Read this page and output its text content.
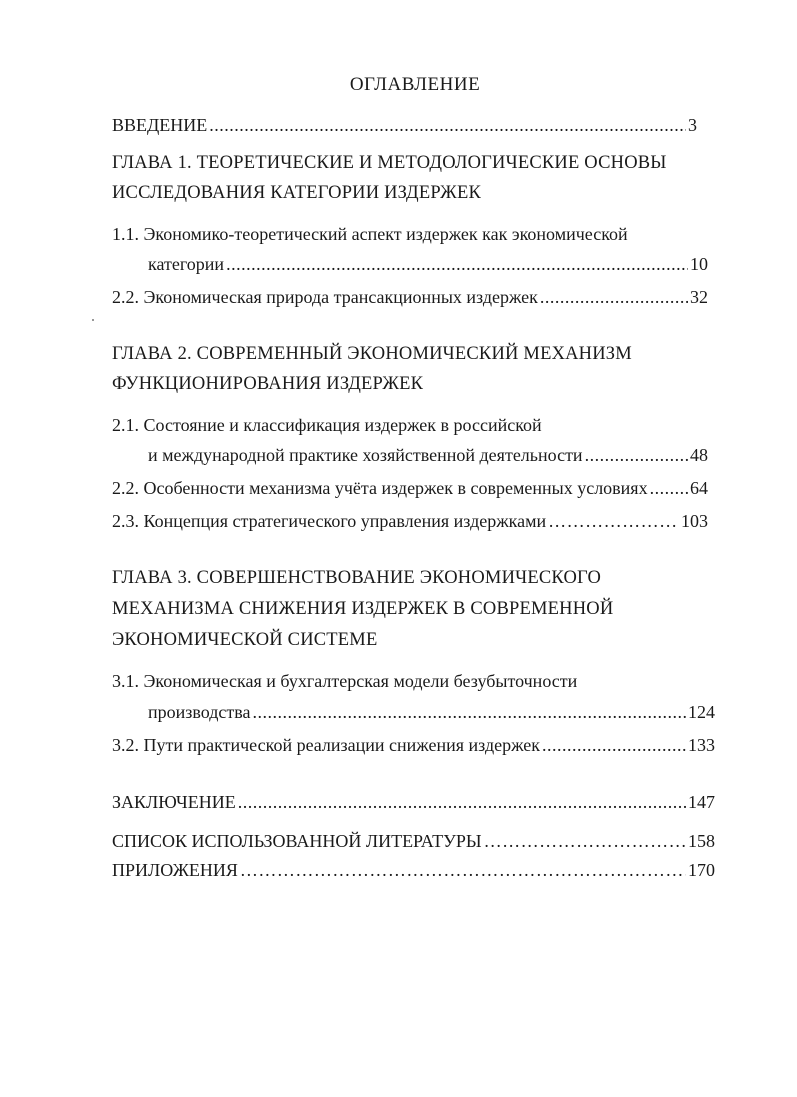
ОГЛАВЛЕНИЕ
ВВЕДЕНИЕ .....	3
ГЛАВА 1. ТЕОРЕТИЧЕСКИЕ И МЕТОДОЛОГИЧЕСКИЕ ОСНОВЫ
ИССЛЕДОВАНИЯ КАТЕГОРИИ ИЗДЕРЖЕК
1.1. Экономико-теоретический аспект издержек как экономической
категории .....	10
2.2. Экономическая природа трансакционных издержек .....	32
ГЛАВА 2. СОВРЕМЕННЫЙ ЭКОНОМИЧЕСКИЙ МЕХАНИЗМ
ФУНКЦИОНИРОВАНИЯ ИЗДЕРЖЕК
2.1. Состояние и классификация издержек в российской
и международной практике хозяйственной деятельности .....	48
2.2. Особенности механизма учёта издержек в современных условиях ..... 64
2.3. Концепция стратегического управления издержками ……………………………………………………………………………………………………………………………………………………………………………………………………………………	103
ГЛАВА 3. СОВЕРШЕНСТВОВАНИЕ ЭКОНОМИЧЕСКОГО
МЕХАНИЗМА СНИЖЕНИЯ ИЗДЕРЖЕК В СОВРЕМЕННОЙ
ЭКОНОМИЧЕСКОЙ СИСТЕМЕ
3.1. Экономическая и бухгалтерская модели безубыточности
производства .....	124
3.2. Пути практической реализации снижения издержек .....	133
ЗАКЛЮЧЕНИЕ .....	147
СПИСОК ИСПОЛЬЗОВАННОЙ ЛИТЕРАТУРЫ ……………………………………………………………………………………………………………………………………………………………………………………………………………………	158
ПРИЛОЖЕНИЯ ……………………………………………………………………………………………………………………………………………………………………………………………………………………	170
